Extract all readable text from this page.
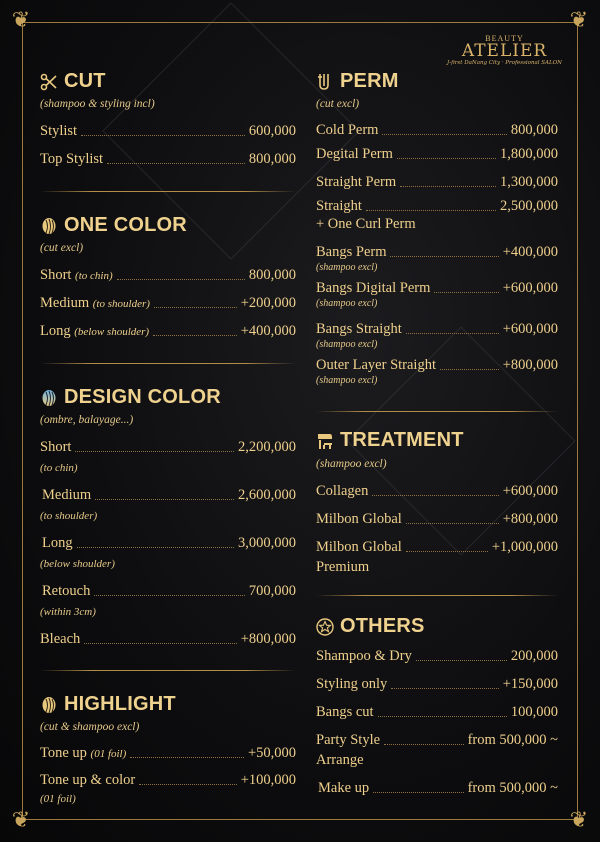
❦	❦
❦	❦
BEAUTY
ATELIER
J-first DaNang City · Professional SALON
CUT
(shampoo & styling incl)
Stylist	600,000
Top Stylist	800,000
ONE COLOR
(cut excl)
Short (to chin)	800,000
Medium (to shoulder)	+200,000
Long (below shoulder)	+400,000
DESIGN COLOR
(ombre, balayage...)
Short	2,200,000
(to chin)
Medium	2,600,000
(to shoulder)
Long	3,000,000
(below shoulder)
Retouch	700,000
(within 3cm)
Bleach	+800,000
HIGHLIGHT
(cut & shampoo excl)
Tone up (01 foil)	+50,000
Tone up & color	+100,000
(01 foil)
PERM
(cut excl)
Cold Perm	800,000
Degital Perm	1,800,000
Straight Perm	1,300,000
Straight	2,500,000
+ One Curl Perm
Bangs Perm	+400,000
(shampoo excl)
Bangs Digital Perm	+600,000
(shampoo excl)
Bangs Straight	+600,000
(shampoo excl)
Outer Layer Straight	+800,000
(shampoo excl)
TREATMENT
(shampoo excl)
Collagen	+600,000
Milbon Global	+800,000
Milbon Global	+1,000,000
Premium
OTHERS
Shampoo & Dry	200,000
Styling only	+150,000
Bangs cut	100,000
Party Style	from 500,000 ~
Arrange
Make up	from 500,000 ~
